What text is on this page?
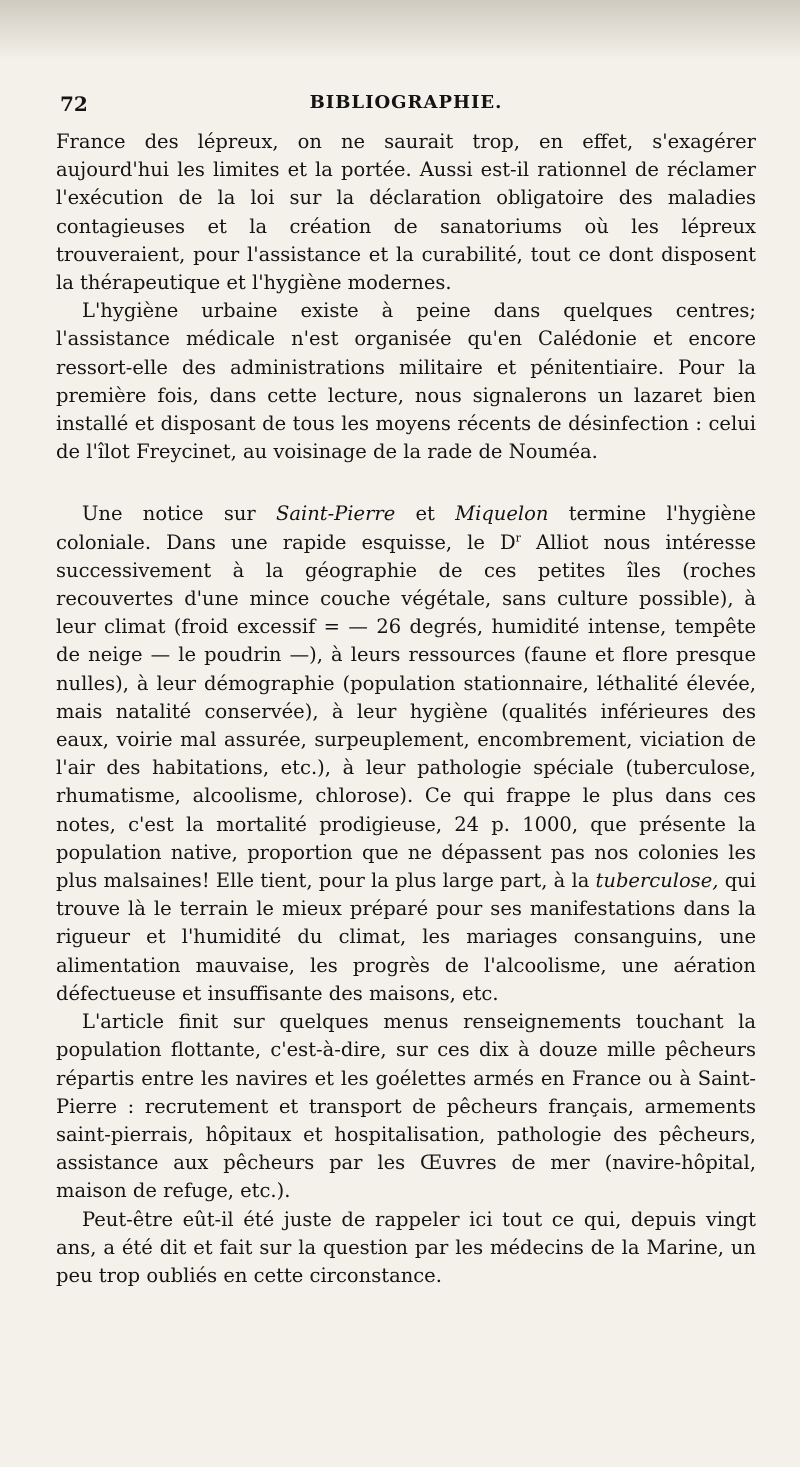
72	BIBLIOGRAPHIE.

France des lépreux, on ne saurait trop, en effet, s'exagérer aujourd'hui les limites et la portée. Aussi est-il rationnel de réclamer l'exécution de la loi sur la déclaration obligatoire des maladies contagieuses et la création de sanatoriums où les lépreux trouveraient, pour l'assistance et la curabilité, tout ce dont disposent la thérapeutique et l'hygiène modernes.

L'hygiène urbaine existe à peine dans quelques centres; l'assistance médicale n'est organisée qu'en Calédonie et encore ressort-elle des administrations militaire et pénitentiaire. Pour la première fois, dans cette lecture, nous signalerons un lazaret bien installé et disposant de tous les moyens récents de désinfection : celui de l'îlot Freycinet, au voisinage de la rade de Nouméa.

Une notice sur Saint-Pierre et Miquelon termine l'hygiène coloniale. Dans une rapide esquisse, le $D^r$ Alliot nous intéresse successivement à la géographie de ces petites îles (roches recouvertes d'une mince couche végétale, sans culture possible), à leur climat (froid excessif = — 26 degrés, humidité intense, tempête de neige — le poudrin —), à leurs ressources (faune et flore presque nulles), à leur démographie (population stationnaire, léthalité élevée, mais natalité conservée), à leur hygiène (qualités inférieures des eaux, voirie mal assurée, surpeuplement, encombrement, viciation de l'air des habitations, etc.), à leur pathologie spéciale (tuberculose, rhumatisme, alcoolisme, chlorose). Ce qui frappe le plus dans ces notes, c'est la mortalité prodigieuse, 24 p. 1000, que présente la population native, proportion que ne dépassent pas nos colonies les plus malsaines! Elle tient, pour la plus large part, à la tuberculose, qui trouve là le terrain le mieux préparé pour ses manifestations dans la rigueur et l'humidité du climat, les mariages consanguins, une alimentation mauvaise, les progrès de l'alcoolisme, une aération défectueuse et insuffisante des maisons, etc.

L'article finit sur quelques menus renseignements touchant la population flottante, c'est-à-dire, sur ces dix à douze mille pêcheurs répartis entre les navires et les goélettes armés en France ou à Saint-Pierre : recrutement et transport de pêcheurs français, armements saint-pierrais, hôpitaux et hospitalisation, pathologie des pêcheurs, assistance aux pêcheurs par les Œuvres de mer (navire-hôpital, maison de refuge, etc.).

Peut-être eût-il été juste de rappeler ici tout ce qui, depuis vingt ans, a été dit et fait sur la question par les médecins de la Marine, un peu trop oubliés en cette circonstance.
